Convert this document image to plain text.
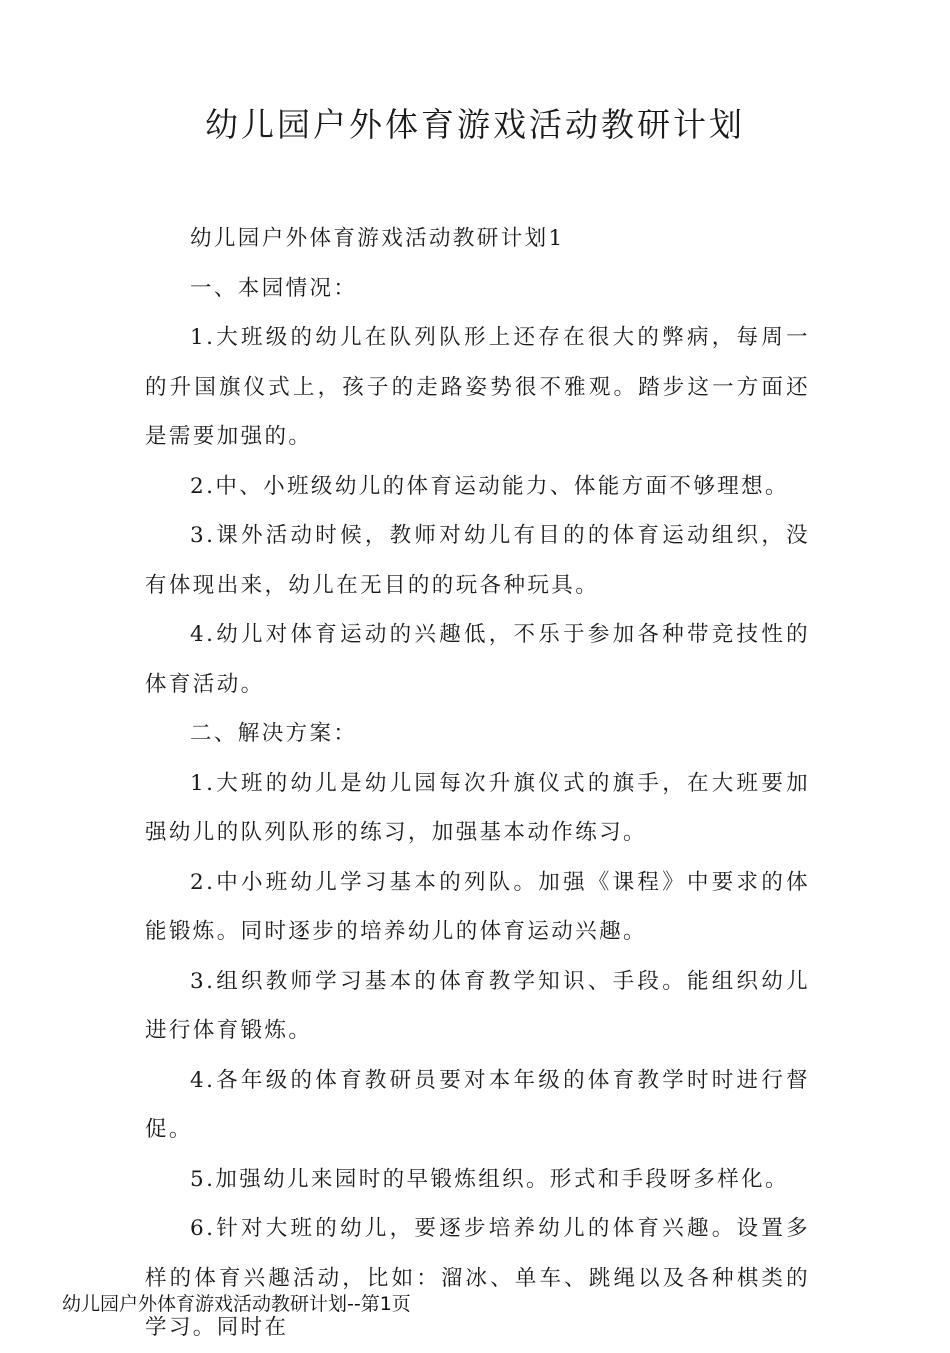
幼儿园户外体育游戏活动教研计划

幼儿园户外体育游戏活动教研计划1

一、本园情况：

1.大班级的幼儿在队列队形上还存在很大的弊病，每周一的升国旗仪式上，孩子的走路姿势很不雅观。踏步这一方面还是需要加强的。

2.中、小班级幼儿的体育运动能力、体能方面不够理想。

3.课外活动时候，教师对幼儿有目的的体育运动组织，没有体现出来，幼儿在无目的的玩各种玩具。

4.幼儿对体育运动的兴趣低，不乐于参加各种带竞技性的体育活动。

二、解决方案：

1.大班的幼儿是幼儿园每次升旗仪式的旗手，在大班要加强幼儿的队列队形的练习，加强基本动作练习。

2.中小班幼儿学习基本的列队。加强《课程》中要求的体能锻炼。同时逐步的培养幼儿的体育运动兴趣。

3.组织教师学习基本的体育教学知识、手段。能组织幼儿进行体育锻炼。

4.各年级的体育教研员要对本年级的体育教学时时进行督促。

5.加强幼儿来园时的早锻炼组织。形式和手段呀多样化。

6.针对大班的幼儿，要逐步培养幼儿的体育兴趣。设置多样的体育兴趣活动，比如：溜冰、单车、跳绳以及各种棋类的学习。同时在

幼儿园户外体育游戏活动教研计划--第1页
